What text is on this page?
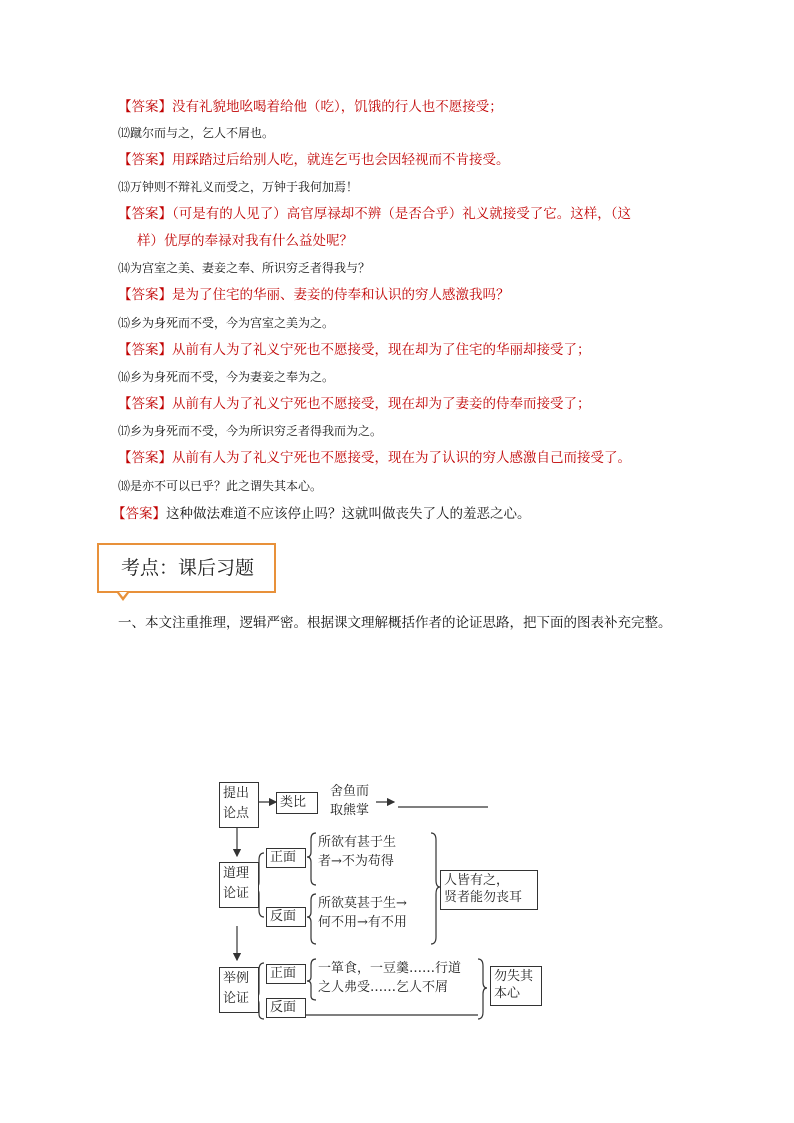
【答案】没有礼貌地吆喝着给他（吃），饥饿的行人也不愿接受；
⑿蹴尔而与之，乞人不屑也。
【答案】用踩踏过后给别人吃，就连乞丐也会因轻视而不肯接受。
⒀万钟则不辩礼义而受之，万钟于我何加焉！
【答案】（可是有的人见了）高官厚禄却不辨（是否合乎）礼义就接受了它。这样，（这
样）优厚的奉禄对我有什么益处呢？
⒁为宫室之美、妻妾之奉、所识穷乏者得我与？
【答案】是为了住宅的华丽、妻妾的侍奉和认识的穷人感激我吗？
⒂乡为身死而不受，今为宫室之美为之。
【答案】从前有人为了礼义宁死也不愿接受，现在却为了住宅的华丽却接受了；
⒃乡为身死而不受，今为妻妾之奉为之。
【答案】从前有人为了礼义宁死也不愿接受，现在却为了妻妾的侍奉而接受了；
⒄乡为身死而不受，今为所识穷乏者得我而为之。
【答案】从前有人为了礼义宁死也不愿接受，现在为了认识的穷人感激自己而接受了。
⒅是亦不可以已乎？此之谓失其本心。
【答案】这种做法难道不应该停止吗？这就叫做丧失了人的羞恶之心。
考点：课后习题
一、本文注重推理，逻辑严密。根据课文理解概括作者的论证思路，把下面的图表补充完整。
提出
论点
类比
舍鱼而
取熊掌
道理
论证
正面
反面
所欲有甚于生
者→不为苟得
所欲莫甚于生→
何不用→有不用
人皆有之，
贤者能勿丧耳
举例
论证
正面
反面
一箪食，一豆羹……行道
之人弗受……乞人不屑
勿失其
本心
